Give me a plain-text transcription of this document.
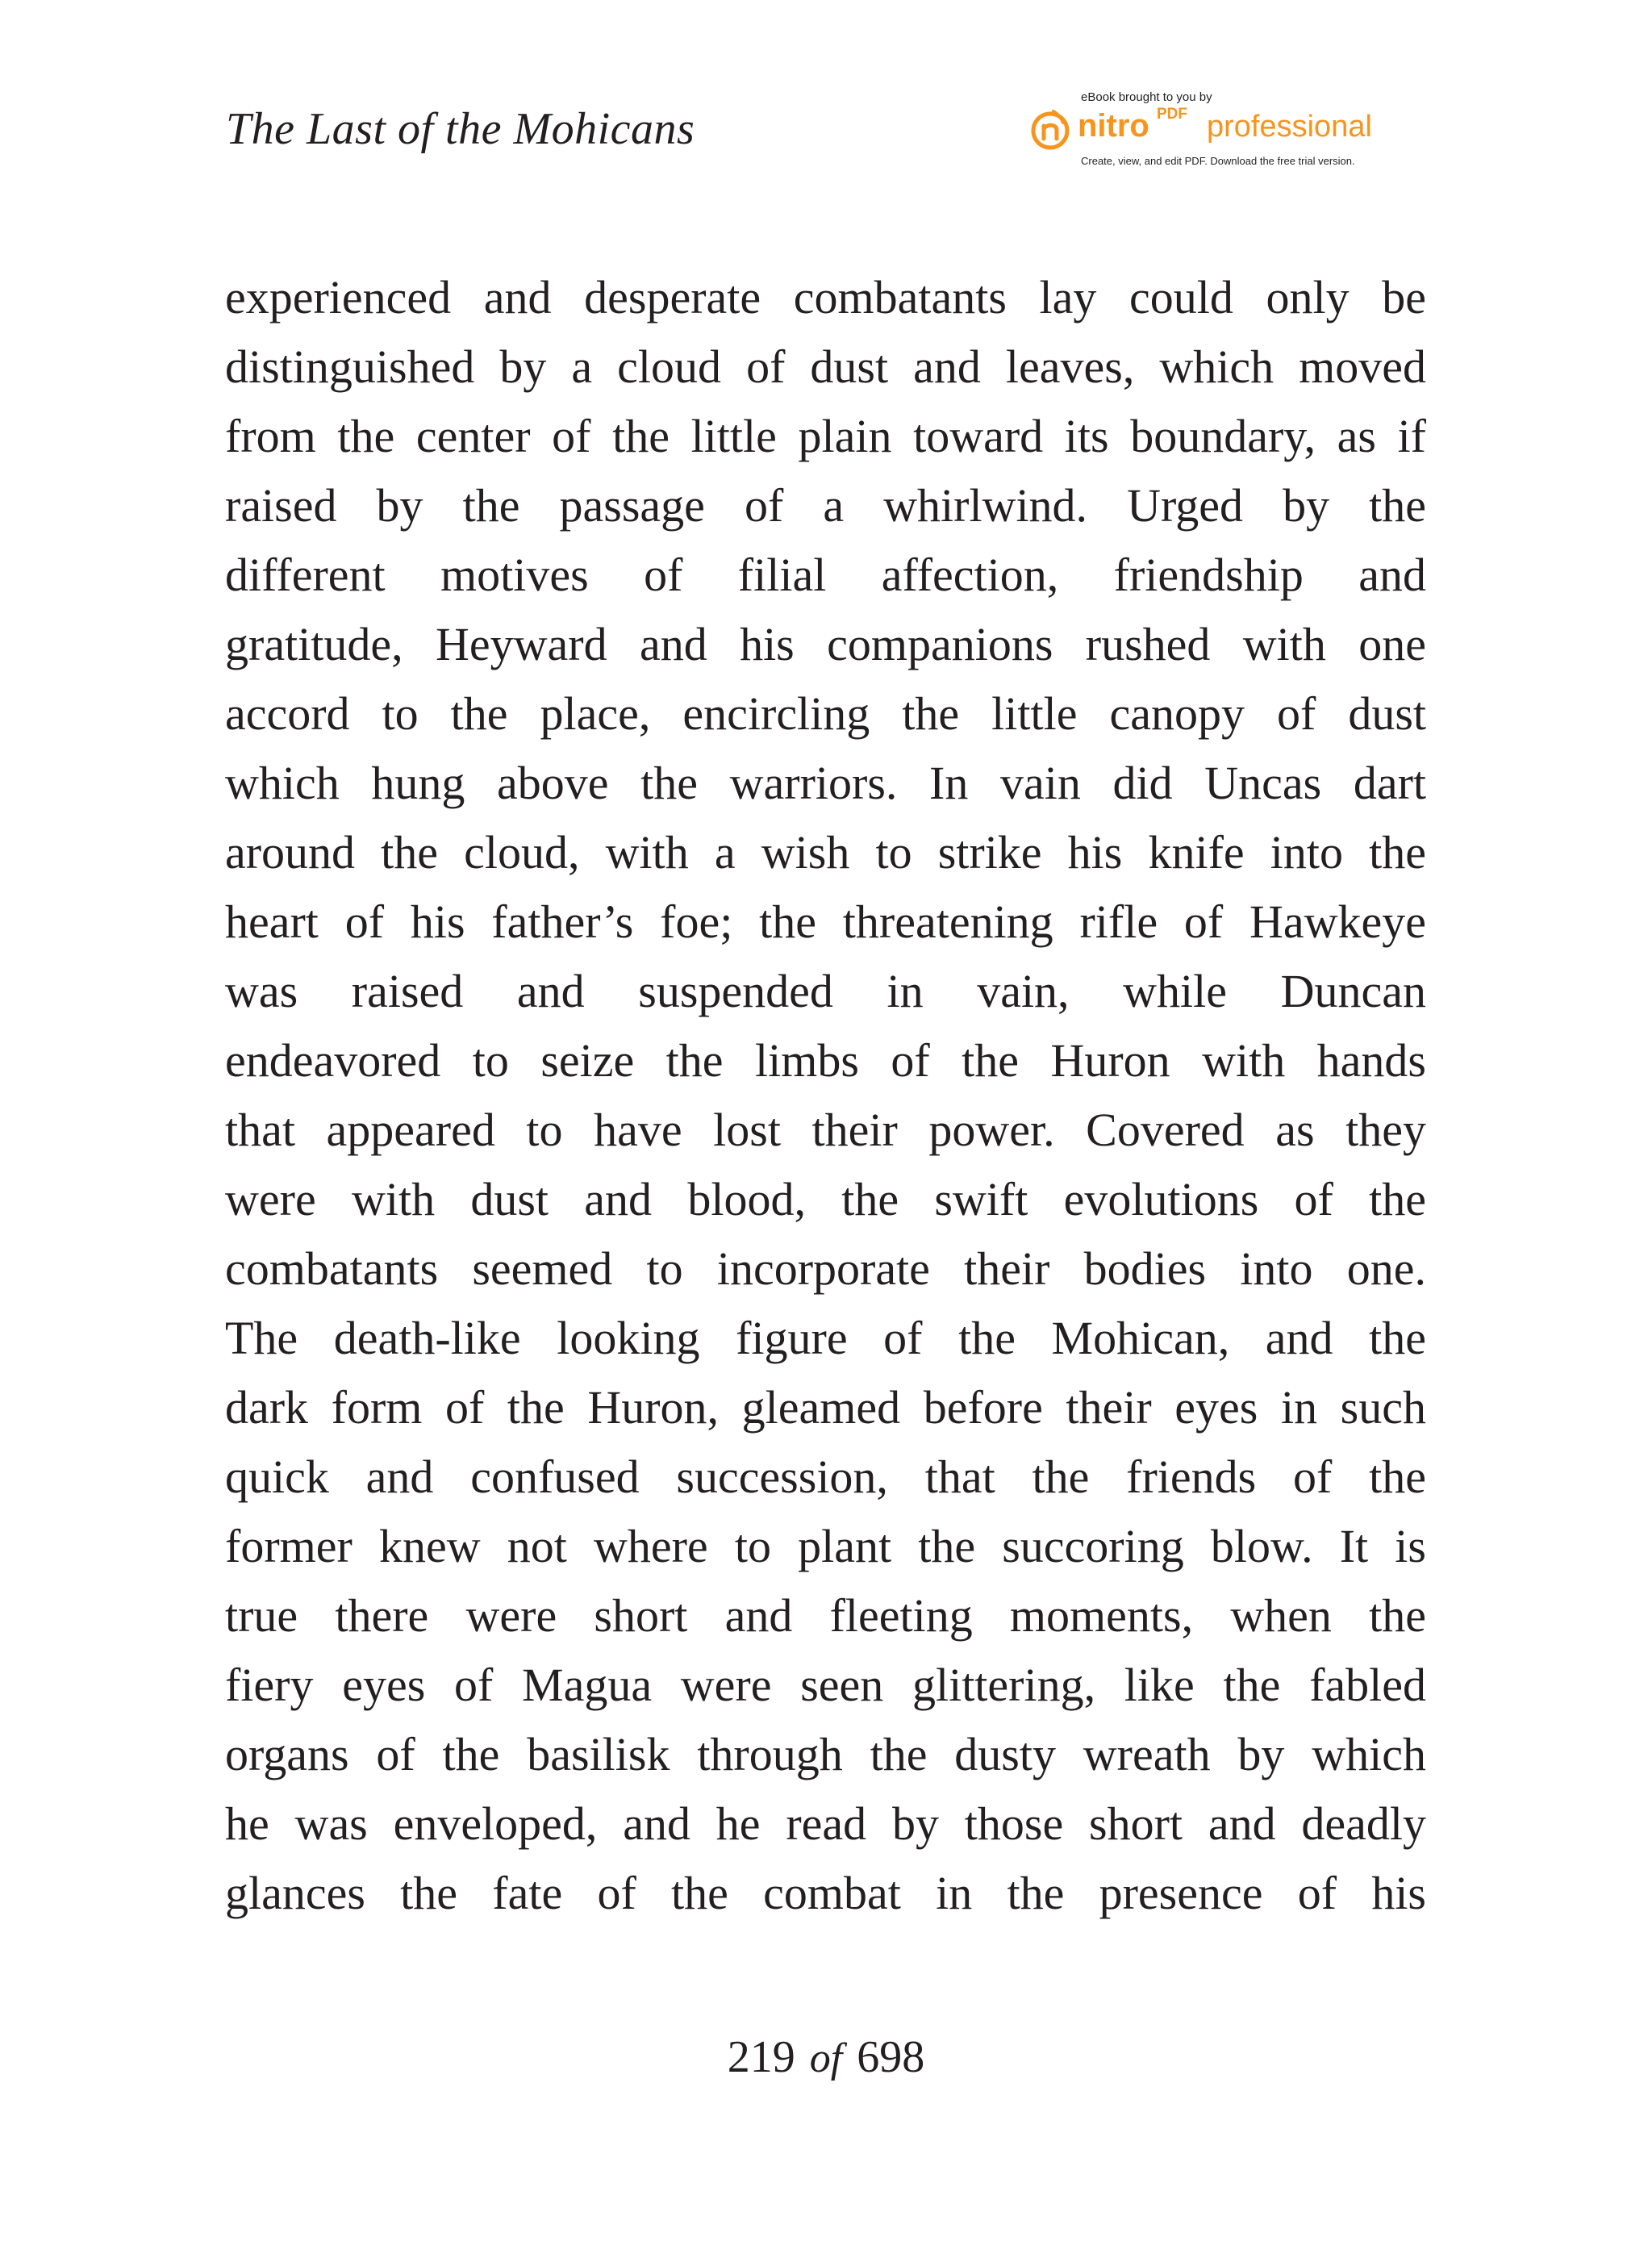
The Last of the Mohicans
eBook brought to you by
nitro PDF professional
Create, view, and edit PDF. Download the free trial version.
experienced and desperate combatants lay could only be
distinguished by a cloud of dust and leaves, which moved
from the center of the little plain toward its boundary, as if
raised by the passage of a whirlwind. Urged by the
different motives of filial affection, friendship and
gratitude, Heyward and his companions rushed with one
accord to the place, encircling the little canopy of dust
which hung above the warriors. In vain did Uncas dart
around the cloud, with a wish to strike his knife into the
heart of his father’s foe; the threatening rifle of Hawkeye
was raised and suspended in vain, while Duncan
endeavored to seize the limbs of the Huron with hands
that appeared to have lost their power. Covered as they
were with dust and blood, the swift evolutions of the
combatants seemed to incorporate their bodies into one.
The death-like looking figure of the Mohican, and the
dark form of the Huron, gleamed before their eyes in such
quick and confused succession, that the friends of the
former knew not where to plant the succoring blow. It is
true there were short and fleeting moments, when the
fiery eyes of Magua were seen glittering, like the fabled
organs of the basilisk through the dusty wreath by which
he was enveloped, and he read by those short and deadly
glances the fate of the combat in the presence of his
219 of 698
